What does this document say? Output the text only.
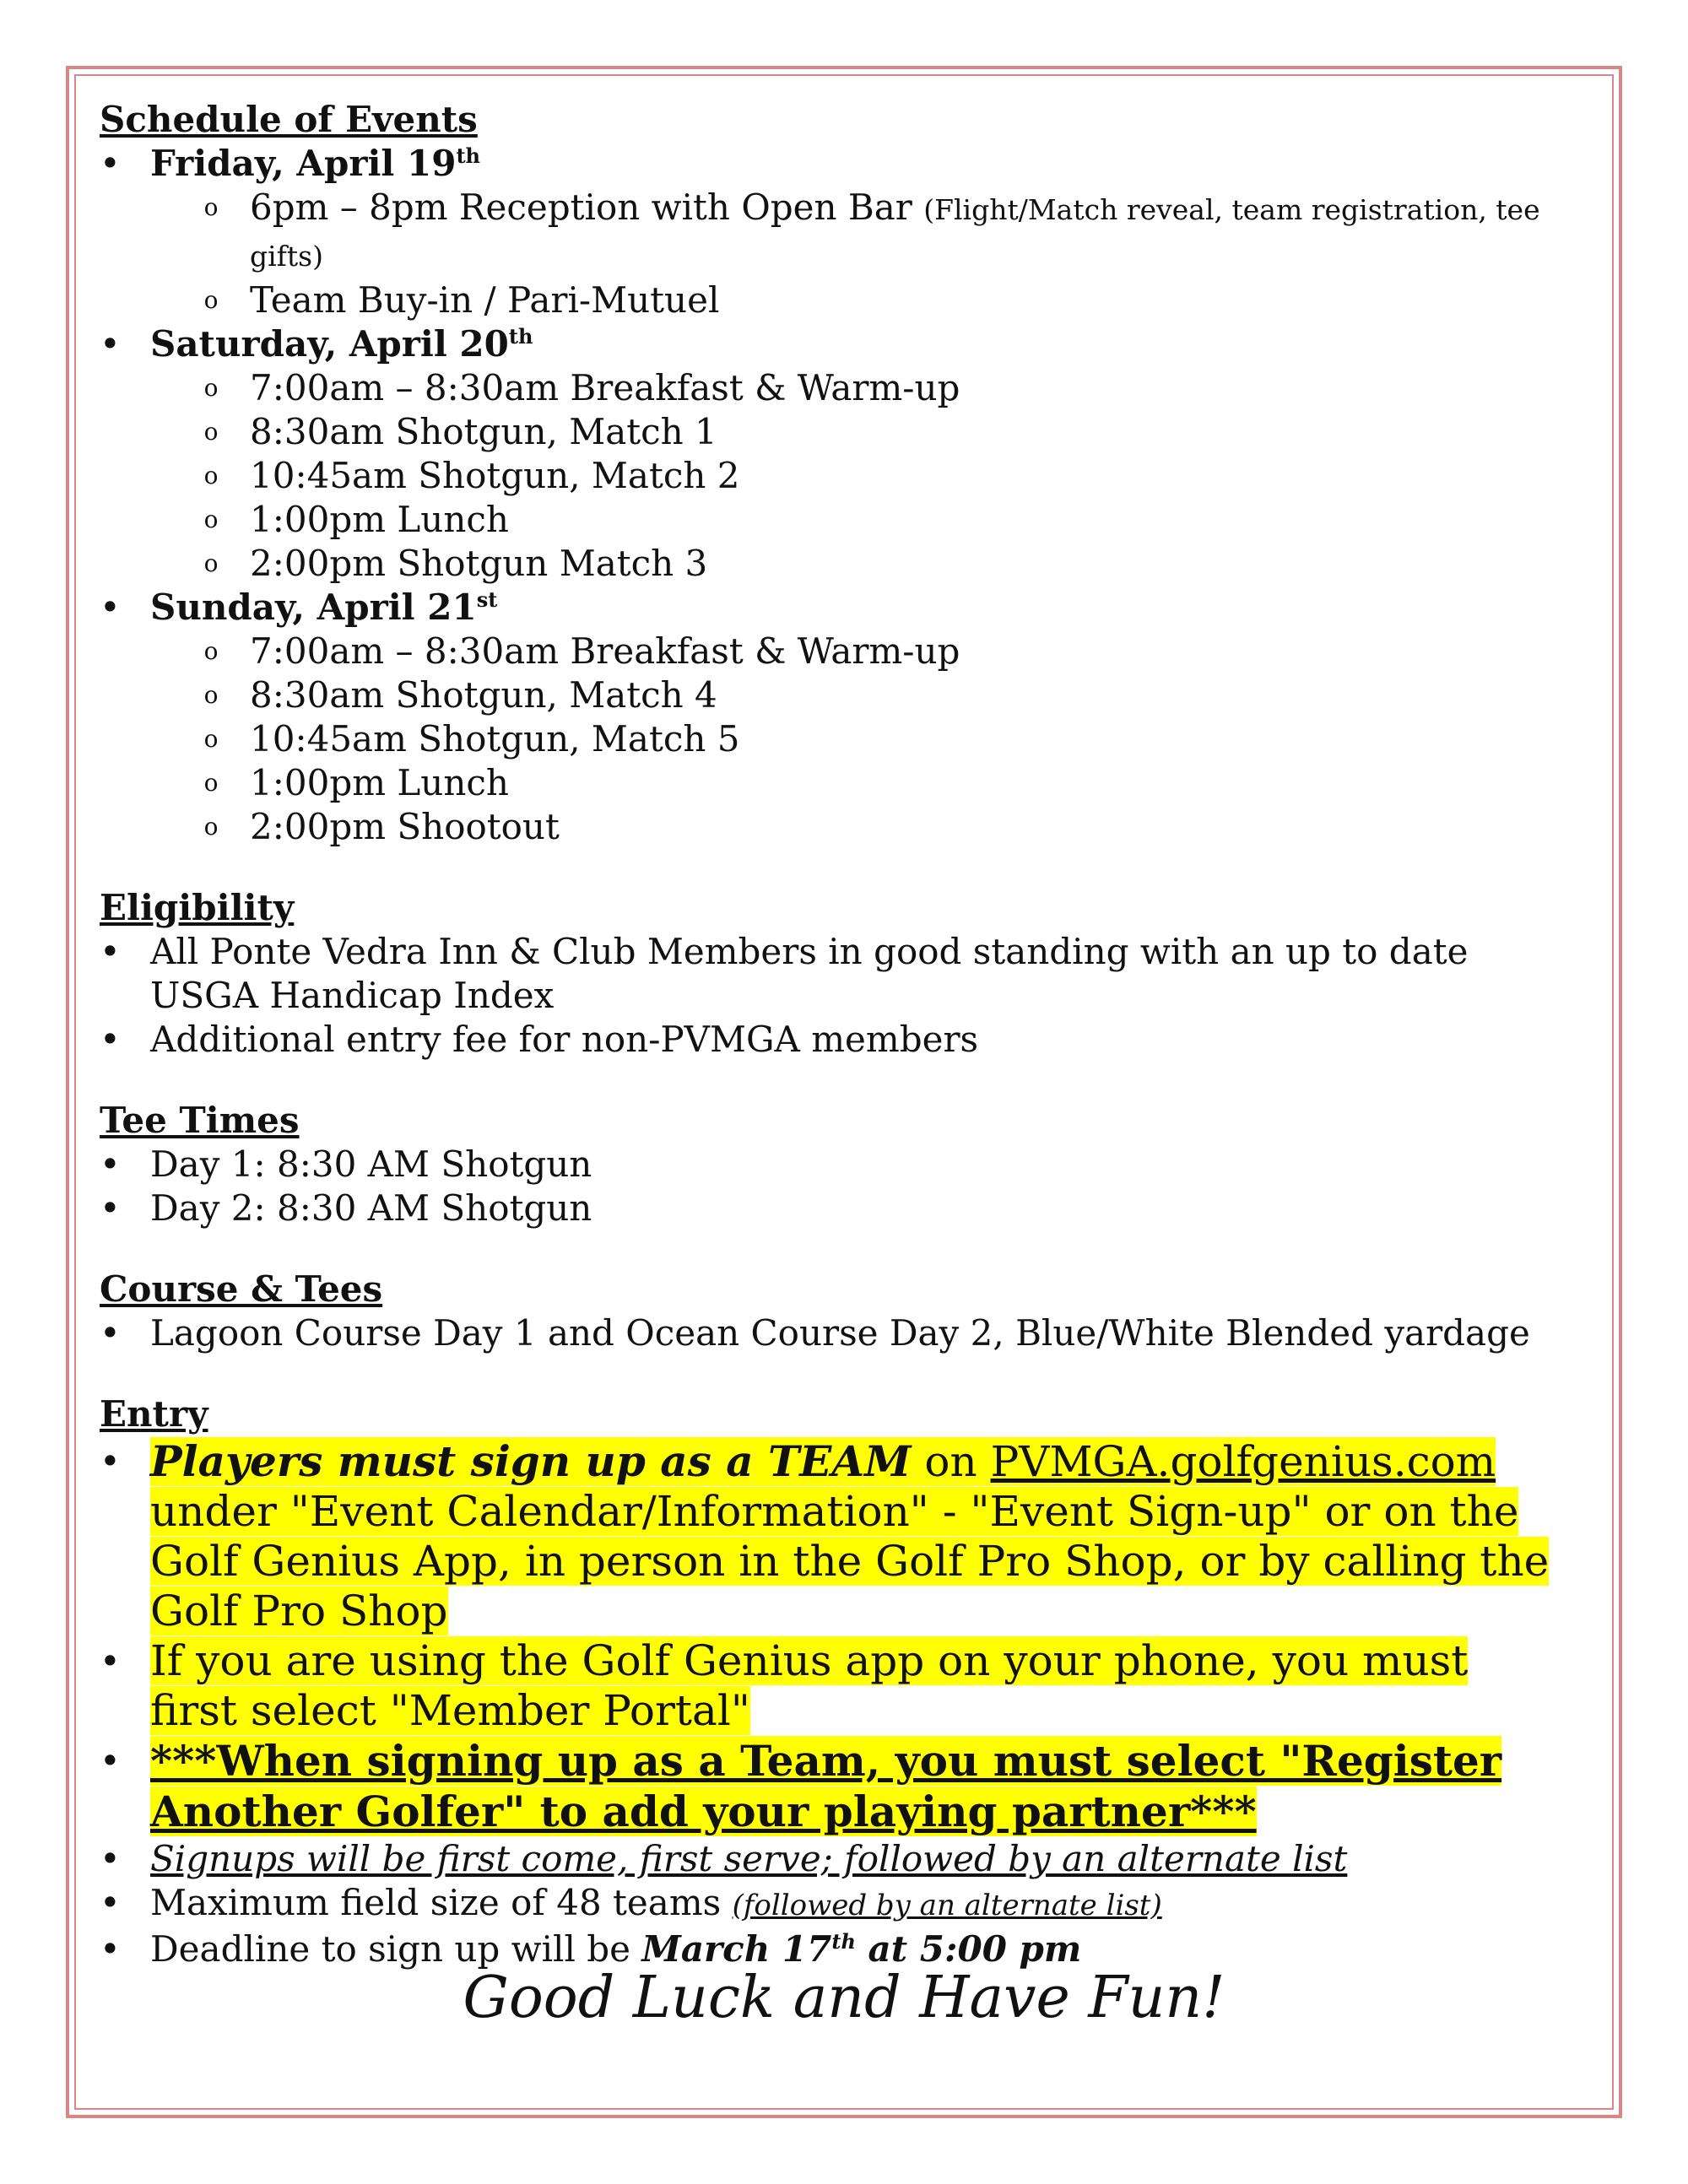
Schedule of Events
• Friday, April 19th
o 6pm – 8pm Reception with Open Bar (Flight/Match reveal, team registration, tee gifts)
o Team Buy-in / Pari-Mutuel
• Saturday, April 20th
o 7:00am – 8:30am Breakfast & Warm-up
o 8:30am Shotgun, Match 1
o 10:45am Shotgun, Match 2
o 1:00pm Lunch
o 2:00pm Shotgun Match 3
• Sunday, April 21st
o 7:00am – 8:30am Breakfast & Warm-up
o 8:30am Shotgun, Match 4
o 10:45am Shotgun, Match 5
o 1:00pm Lunch
o 2:00pm Shootout
Eligibility
• All Ponte Vedra Inn & Club Members in good standing with an up to date USGA Handicap Index
• Additional entry fee for non-PVMGA members
Tee Times
• Day 1: 8:30 AM Shotgun
• Day 2: 8:30 AM Shotgun
Course & Tees
• Lagoon Course Day 1 and Ocean Course Day 2, Blue/White Blended yardage
Entry
• Players must sign up as a TEAM on PVMGA.golfgenius.com under "Event Calendar/Information" - "Event Sign-up" or on the Golf Genius App, in person in the Golf Pro Shop, or by calling the Golf Pro Shop
• If you are using the Golf Genius app on your phone, you must first select "Member Portal"
• ***When signing up as a Team, you must select "Register Another Golfer" to add your playing partner***
• Signups will be first come, first serve; followed by an alternate list
• Maximum field size of 48 teams (followed by an alternate list)
• Deadline to sign up will be March 17th at 5:00 pm
Good Luck and Have Fun!
